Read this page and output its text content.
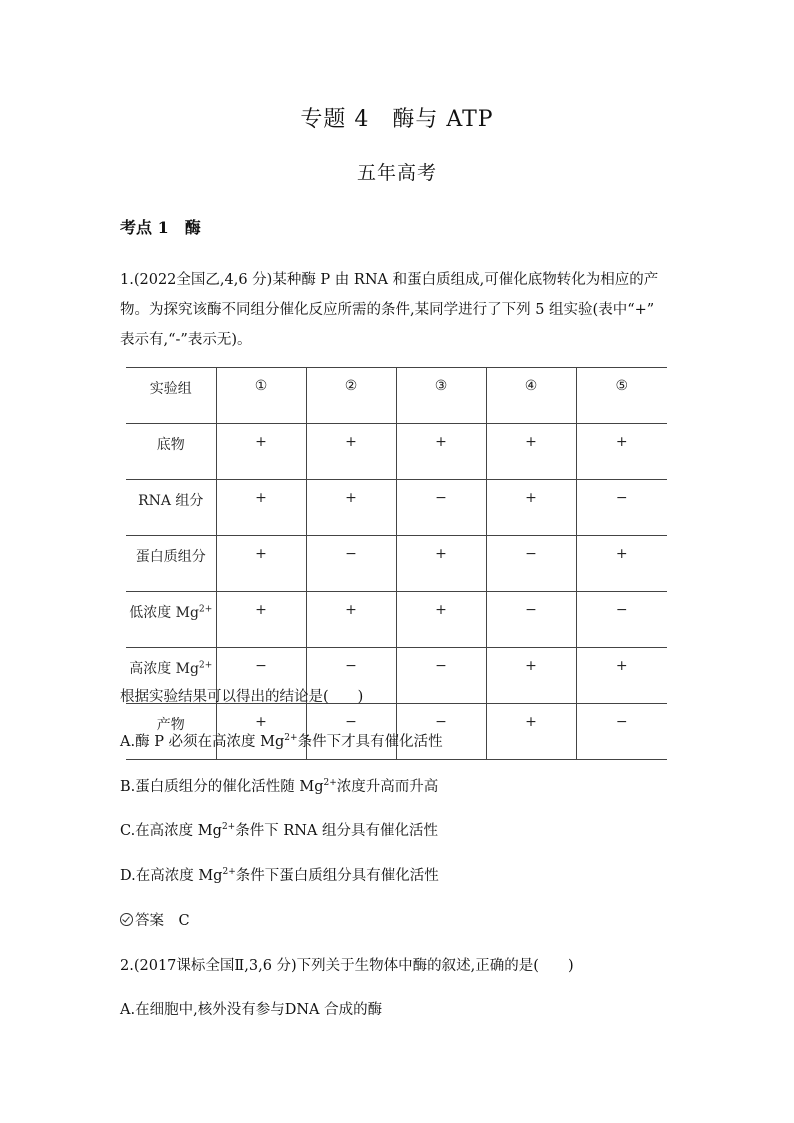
专题 4　酶与 ATP
五年高考
考点 1　酶
1.(2022全国乙,4,6 分)某种酶 P 由 RNA 和蛋白质组成,可催化底物转化为相应的产
物。为探究该酶不同组分催化反应所需的条件,某同学进行了下列 5 组实验(表中“+”
表示有,“-”表示无)。
实验组	①	②	③	④	⑤
底物	+	+	+	+	+
RNA 组分	+	+	−	+	−
蛋白质组分	+	−	+	−	+
低浓度 $Mg^{2+}$	+	+	+	−	−
高浓度 $Mg^{2+}$	−	−	−	+	+
产物	+	−	−	+	−
根据实验结果可以得出的结论是(　　)
A.酶 P 必须在高浓度 $Mg^{2+}$条件下才具有催化活性
B.蛋白质组分的催化活性随 $Mg^{2+}$浓度升高而升高
C.在高浓度 $Mg^{2+}$条件下 RNA 组分具有催化活性
D.在高浓度 $Mg^{2+}$条件下蛋白质组分具有催化活性
答案　 C
2.(2017课标全国Ⅱ,3,6 分)下列关于生物体中酶的叙述,正确的是(　　)
A.在细胞中,核外没有参与DNA 合成的酶
